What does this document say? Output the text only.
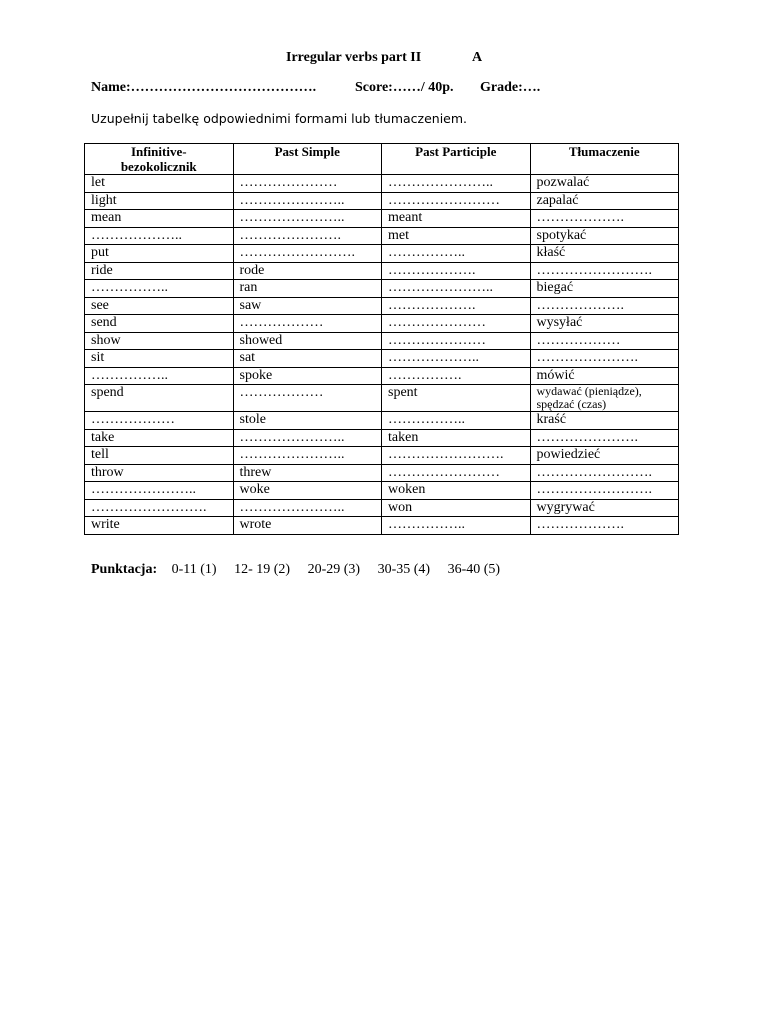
Irregular verbs part II	A
Name:………………………………….	Score:……/ 40p. Grade:….
Uzupełnij tabelkę odpowiednimi formami lub tłumaczeniem.
Infinitive-
bezokolicznik	Past Simple	Past Participle	Tłumaczenie
let	…………………	…………………..	pozwalać
light	…………………..	……………………	zapalać
mean	…………………..	meant	……………….
………………..	………………….	met	spotykać
put	…………………….	……………..	kłaść
ride	rode	……………….	…………………….
……………..	ran	…………………..	biegać
see	saw	……………….	……………….
send	………………	…………………	wysyłać
show	showed	…………………	………………
sit	sat	………………..	………………….
……………..	spoke	…………….	mówić
spend	………………	spent	wydawać (pieniądze), spędzać (czas)
………………	stole	……………..	kraść
take	…………………..	taken	………………….
tell	…………………..	…………………….	powiedzieć
throw	threw	……………………	…………………….
…………………..	woke	woken	…………………….
…………………….	…………………..	won	wygrywać
write	wrote	……………..	……………….
Punktacja: 0-11 (1) 12- 19 (2) 20-29 (3) 30-35 (4) 36-40 (5)
